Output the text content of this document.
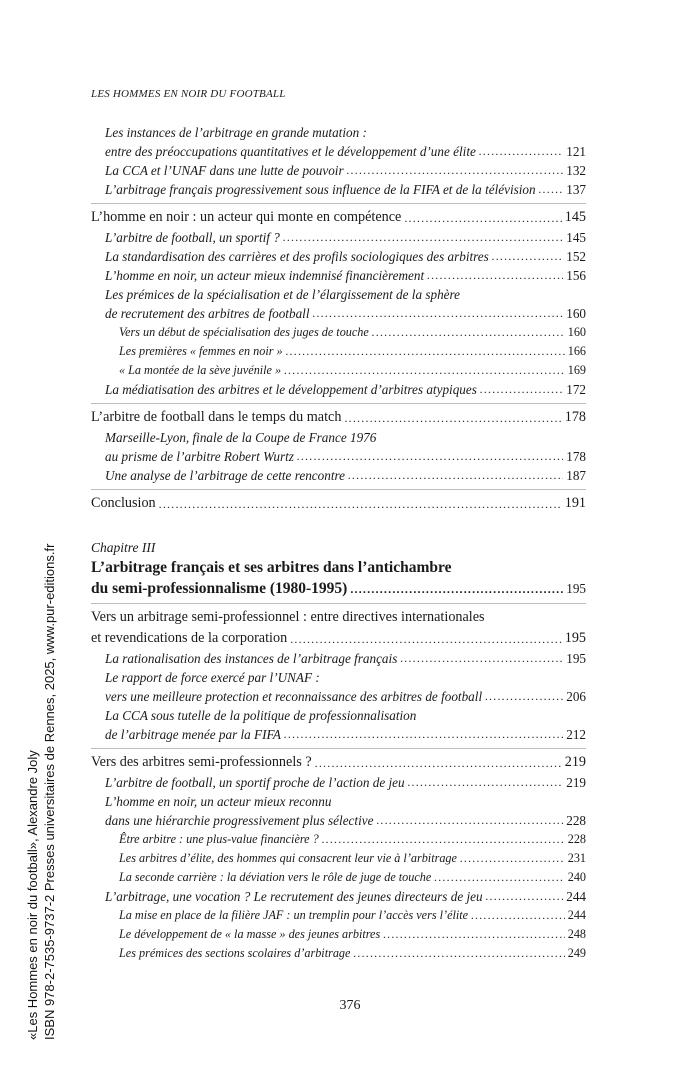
LES HOMMES EN NOIR DU FOOTBALL
Les instances de l’arbitrage en grande mutation :
entre des préoccupations quantitatives et le développement d’une élite .....	121
La CCA et l’UNAF dans une lutte de pouvoir .....	132
L’arbitrage français progressivement sous influence de la FIFA et de la télévision ..... 137
L’homme en noir : un acteur qui monte en compétence .....	145
L’arbitre de football, un sportif ? .....	145
La standardisation des carrières et des profils sociologiques des arbitres .....	152
L’homme en noir, un acteur mieux indemnisé financièrement .....	156
Les prémices de la spécialisation et de l’élargissement de la sphère
de recrutement des arbitres de football .....	160
Vers un début de spécialisation des juges de touche .....	160
Les premières « femmes en noir » .....	166
« La montée de la sève juvénile » .....	169
La médiatisation des arbitres et le développement d’arbitres atypiques .....	172
L’arbitre de football dans le temps du match .....	178
Marseille-Lyon, finale de la Coupe de France 1976
au prisme de l’arbitre Robert Wurtz .....	178
Une analyse de l’arbitrage de cette rencontre .....	187
Conclusion .....	191
Chapitre III
L’arbitrage français et ses arbitres dans l’antichambre
du semi-professionnalisme (1980-1995) .....	195
Vers un arbitrage semi-professionnel : entre directives internationales
et revendications de la corporation .....	195
La rationalisation des instances de l’arbitrage français .....	195
Le rapport de force exercé par l’UNAF :
vers une meilleure protection et reconnaissance des arbitres de football .....	206
La CCA sous tutelle de la politique de professionnalisation
de l’arbitrage menée par la FIFA .....	212
Vers des arbitres semi-professionnels ? .....	219
L’arbitre de football, un sportif proche de l’action de jeu .....	219
L’homme en noir, un acteur mieux reconnu
dans une hiérarchie progressivement plus sélective .....	228
Être arbitre : une plus-value financière ? .....	228
Les arbitres d’élite, des hommes qui consacrent leur vie à l’arbitrage .....	231
La seconde carrière : la déviation vers le rôle de juge de touche .....	240
L’arbitrage, une vocation ? Le recrutement des jeunes directeurs de jeu .....	244
La mise en place de la filière JAF : un tremplin pour l’accès vers l’élite .....	244
Le développement de « la masse » des jeunes arbitres .....	248
Les prémices des sections scolaires d’arbitrage .....	249
376
«Les Hommes en noir du football», Alexandre Joly ISBN 978-2-7535-9737-2 Presses universitaires de Rennes, 2025, www.pur-editions.fr
